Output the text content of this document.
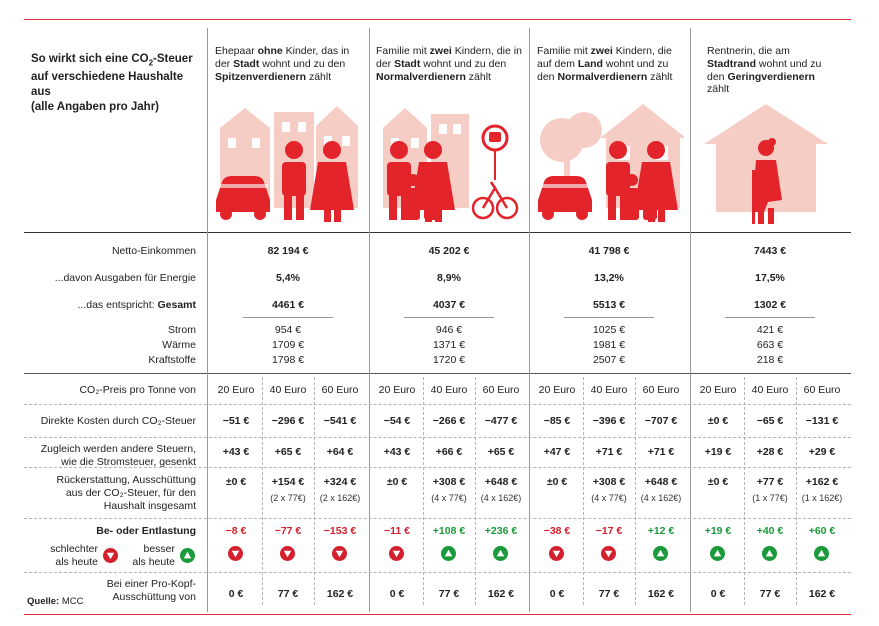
So wirkt sich eine $CO_2$-Steuer
auf verschiedene Haushalte aus
(alle Angaben pro Jahr)
Ehepaar ohne Kinder, das in der Stadt wohnt und zu den Spitzenverdienern zählt
Familie mit zwei Kindern, die in der Stadt wohnt und zu den Normalverdienern zählt
Familie mit zwei Kindern, die auf dem Land wohnt und zu den Normalverdienern zählt
Rentnerin, die am Stadtrand wohnt und zu den Geringverdienern zählt
Netto-Einkommen
...davon Ausgaben für Energie
...das entspricht: Gesamt
Strom
Wärme
Kraftstoffe
82 194 €
5,4%
4461 €
954 €
1709 €
1798 €
45 202 €
8,9%
4037 €
946 €
1371 €
1720 €
41 798 €
13,2%
5513 €
1025 €
1981 €
2507 €
7443 €
17,5%
1302 €
421 €
663 €
218 €
CO₂-Preis pro Tonne von
Direkte Kosten durch CO₂-Steuer
Zugleich werden andere Steuern,
wie die Stromsteuer, gesenkt
Rückerstattung, Ausschüttung
aus der CO₂-Steuer, für den
Haushalt insgesamt
Be- oder Entlastung
schlechter
als heute
besser
als heute
Bei einer Pro-Kopf-
Ausschüttung von
Quelle: MCC
20 Euro
−51 €
+43 €
±0 €
−8 €
0 €
40 Euro
−296 €
+65 €
+154 €
(2 x 77€)
−77 €
77 €
60 Euro
−541 €
+64 €
+324 €
(2 x 162€)
−153 €
162 €
20 Euro
−54 €
+43 €
±0 €
−11 €
0 €
40 Euro
−266 €
+66 €
+308 €
(4 x 77€)
+108 €
77 €
60 Euro
−477 €
+65 €
+648 €
(4 x 162€)
+236 €
162 €
20 Euro
−85 €
+47 €
±0 €
−38 €
0 €
40 Euro
−396 €
+71 €
+308 €
(4 x 77€)
−17 €
77 €
60 Euro
−707 €
+71 €
+648 €
(4 x 162€)
+12 €
162 €
20 Euro
±0 €
+19 €
±0 €
+19 €
0 €
40 Euro
−65 €
+28 €
+77 €
(1 x 77€)
+40 €
77 €
60 Euro
−131 €
+29 €
+162 €
(1 x 162€)
+60 €
162 €
